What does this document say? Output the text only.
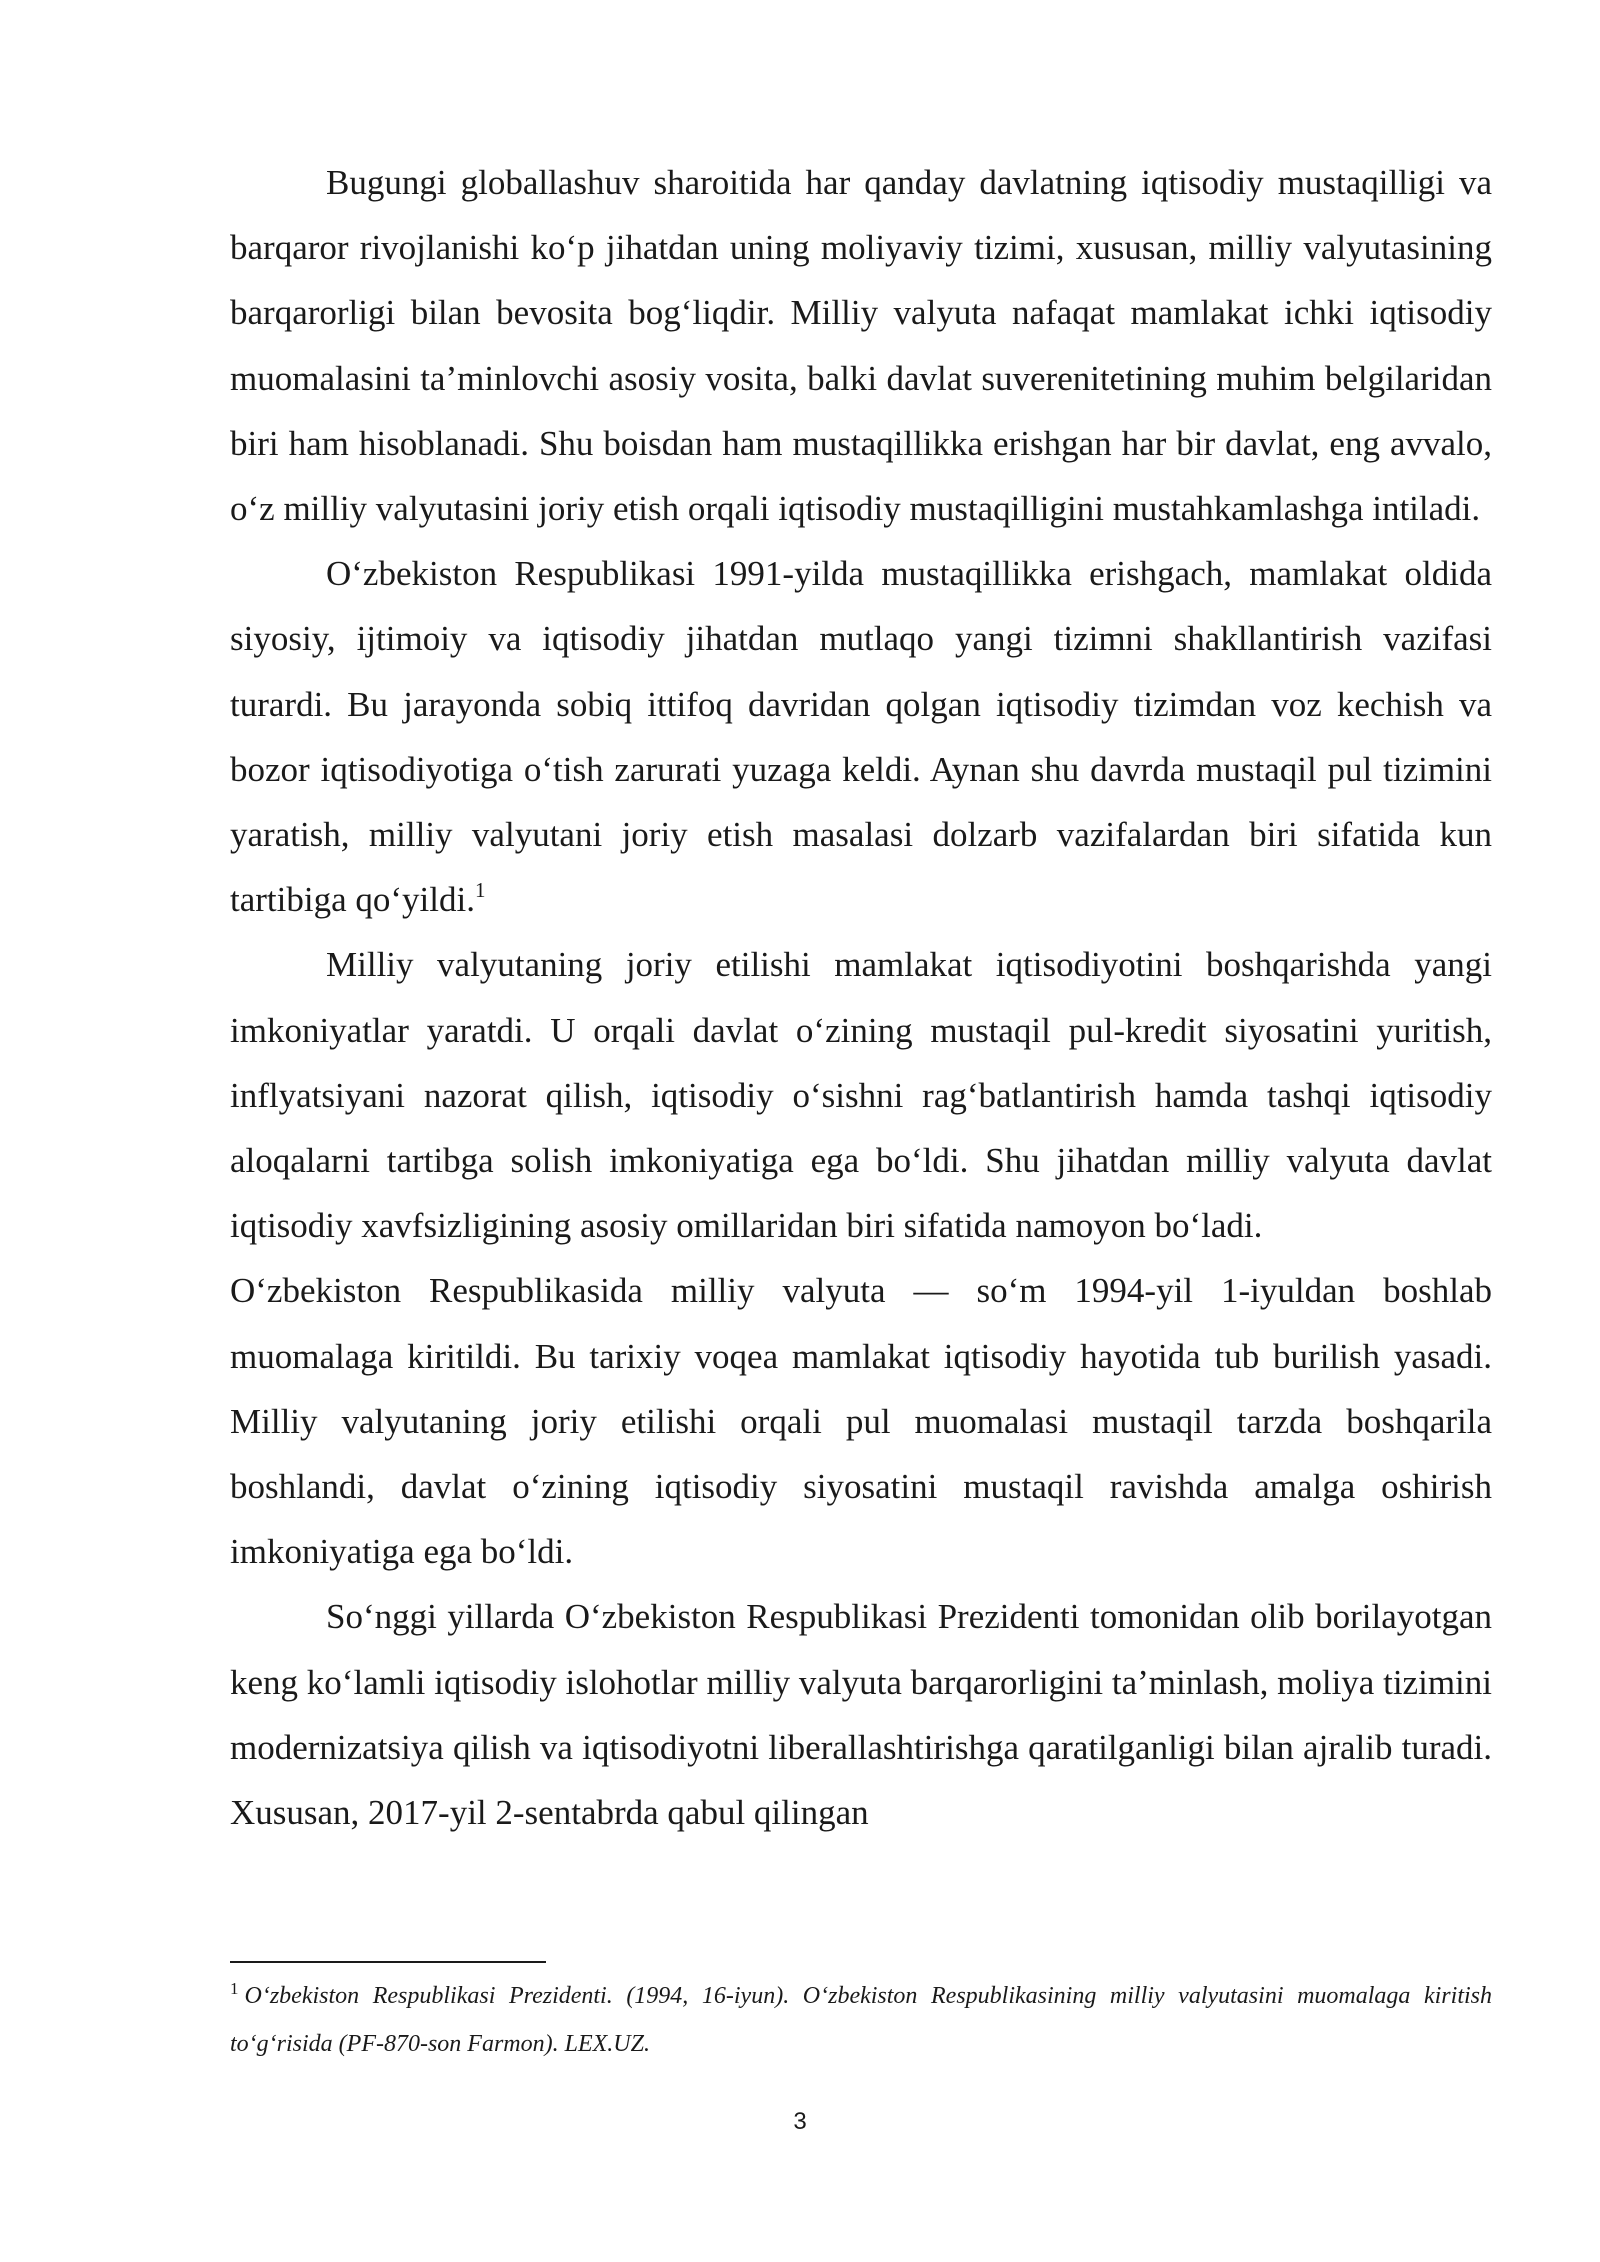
Bugungi globallashuv sharoitida har qanday davlatning iqtisodiy mustaqilligi va barqaror rivojlanishi ko‘p jihatdan uning moliyaviy tizimi, xususan, milliy valyutasining barqarorligi bilan bevosita bog‘liqdir. Milliy valyuta nafaqat mamlakat ichki iqtisodiy muomalasini ta’minlovchi asosiy vosita, balki davlat suverenitetining muhim belgilaridan biri ham hisoblanadi. Shu boisdan ham mustaqillikka erishgan har bir davlat, eng avvalo, o‘z milliy valyutasini joriy etish orqali iqtisodiy mustaqilligini mustahkamlashga intiladi.

O‘zbekiston Respublikasi 1991-yilda mustaqillikka erishgach, mamlakat oldida siyosiy, ijtimoiy va iqtisodiy jihatdan mutlaqo yangi tizimni shakllantirish vazifasi turardi. Bu jarayonda sobiq ittifoq davridan qolgan iqtisodiy tizimdan voz kechish va bozor iqtisodiyotiga o‘tish zarurati yuzaga keldi. Aynan shu davrda mustaqil pul tizimini yaratish, milliy valyutani joriy etish masalasi dolzarb vazifalardan biri sifatida kun tartibiga qo‘yildi.$^1$

Milliy valyutaning joriy etilishi mamlakat iqtisodiyotini boshqarishda yangi imkoniyatlar yaratdi. U orqali davlat o‘zining mustaqil pul-kredit siyosatini yuritish, inflyatsiyani nazorat qilish, iqtisodiy o‘sishni rag‘batlantirish hamda tashqi iqtisodiy aloqalarni tartibga solish imkoniyatiga ega bo‘ldi. Shu jihatdan milliy valyuta davlat iqtisodiy xavfsizligining asosiy omillaridan biri sifatida namoyon bo‘ladi.

O‘zbekiston Respublikasida milliy valyuta — so‘m 1994-yil 1-iyuldan boshlab muomalaga kiritildi. Bu tarixiy voqea mamlakat iqtisodiy hayotida tub burilish yasadi. Milliy valyutaning joriy etilishi orqali pul muomalasi mustaqil tarzda boshqarila boshlandi, davlat o‘zining iqtisodiy siyosatini mustaqil ravishda amalga oshirish imkoniyatiga ega bo‘ldi.

So‘nggi yillarda O‘zbekiston Respublikasi Prezidenti tomonidan olib borilayotgan keng ko‘lamli iqtisodiy islohotlar milliy valyuta barqarorligini ta’minlash, moliya tizimini modernizatsiya qilish va iqtisodiyotni liberallashtirishga qaratilganligi bilan ajralib turadi. Xususan, 2017-yil 2-sentabrda qabul qilingan

$^1$ O‘zbekiston Respublikasi Prezidenti. (1994, 16-iyun). O‘zbekiston Respublikasining milliy valyutasini muomalaga kiritish to‘g‘risida (PF-870-son Farmon). LEX.UZ.
3
